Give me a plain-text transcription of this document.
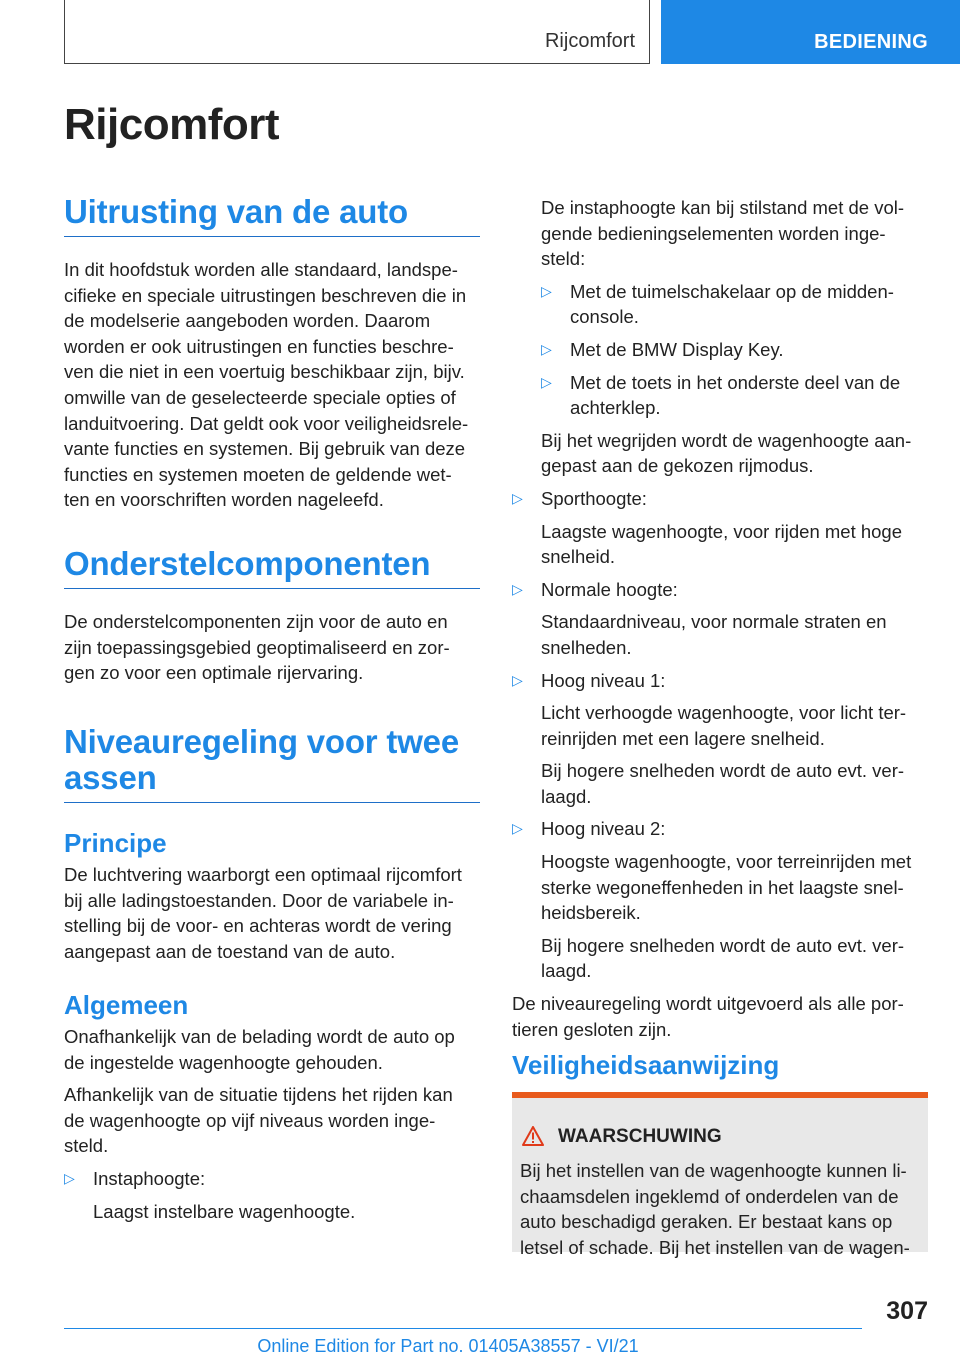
Rijcomfort	BEDIENING
Rijcomfort
Uitrusting van de auto

In dit hoofdstuk worden alle standaard, landspe-

cifieke en speciale uitrustingen beschreven die in

de modelserie aangeboden worden. Daarom

worden er ook uitrustingen en functies beschre-

ven die niet in een voertuig beschikbaar zijn, bijv.

omwille van de geselecteerde speciale opties of

landuitvoering. Dat geldt ook voor veiligheidsrele-

vante functies en systemen. Bij gebruik van deze

functies en systemen moeten de geldende wet-

ten en voorschriften worden nageleefd.

Onderstelcomponenten

De onderstelcomponenten zijn voor de auto en

zijn toepassingsgebied geoptimaliseerd en zor-

gen zo voor een optimale rijervaring.

Niveauregeling voor twee
assen
Principe

De luchtvering waarborgt een optimaal rijcomfort

bij alle ladingstoestanden. Door de variabele in-

stelling bij de voor- en achteras wordt de vering

aangepast aan de toestand van de auto.

Algemeen

Onafhankelijk van de belading wordt de auto op

de ingestelde wagenhoogte gehouden.

Afhankelijk van de situatie tijdens het rijden kan

de wagenhoogte op vijf niveaus worden inge-

steld.

▷ Instaphoogte:
Laagst instelbare wagenhoogte.

De instaphoogte kan bij stilstand met de vol-

gende bedieningselementen worden inge-

steld:

▷ Met de tuimelschakelaar op de midden-
console.
▷ Met de BMW Display Key.
▷ Met de toets in het onderste deel van de
achterklep.

Bij het wegrijden wordt de wagenhoogte aan-

gepast aan de gekozen rijmodus.

▷ Sporthoogte:
Laagste wagenhoogte, voor rijden met hoge
snelheid.
▷ Normale hoogte:
Standaardniveau, voor normale straten en
snelheden.
▷ Hoog niveau 1:
Licht verhoogde wagenhoogte, voor licht ter-
reinrijden met een lagere snelheid.
Bij hogere snelheden wordt de auto evt. ver-
laagd.
▷ Hoog niveau 2:
Hoogste wagenhoogte, voor terreinrijden met
sterke wegoneffenheden in het laagste snel-
heidsbereik.
Bij hogere snelheden wordt de auto evt. ver-
laagd.

De niveauregeling wordt uitgevoerd als alle por-

tieren gesloten zijn.

Veiligheidsaanwijzing
WAARSCHUWING
Bij het instellen van de wagenhoogte kunnen li-
chaamsdelen ingeklemd of onderdelen van de
auto beschadigd geraken. Er bestaat kans op
letsel of schade. Bij het instellen van de wagen-
307
Online Edition for Part no. 01405A38557 - VI/21
